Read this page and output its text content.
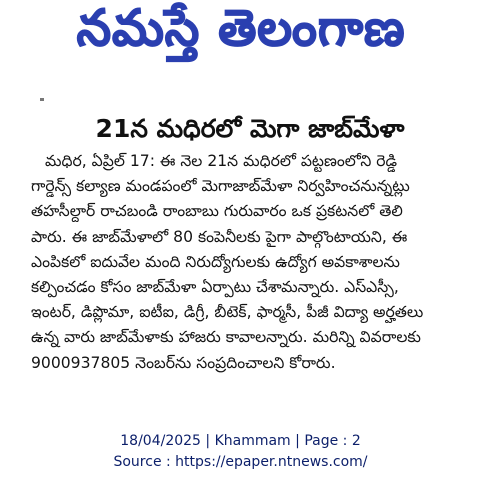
నమస్తే తెలంగాణ
21న మధిరలో మెగా జాబ్‌మేళా
మధిర, ఏప్రిల్ 17: ఈ నెల 21న మధిరలో పట్టణంలోని రెడ్డి
గార్డెన్స్ కల్యాణ మండపంలో మెగాజాబ్‌మేళా నిర్వహించనున్నట్లు
తహసీల్దార్ రాచబండి రాంబాబు గురువారం ఒక ప్రకటనలో తెలి
పారు. ఈ జాబ్‌మేళాలో 80 కంపెనీలకు పైగా పాల్గొంటాయని, ఈ
ఎంపికలో ఐదువేల మంది నిరుద్యోగులకు ఉద్యోగ అవకాశాలను
కల్పించడం కోసం జాబ్‌మేళా ఏర్పాటు చేశామన్నారు. ఎస్ఎస్సీ,
ఇంటర్, డిప్లొమా, ఐటీఐ, డిగ్రీ, బీటెక్, ఫార్మసీ, పీజీ విద్యా అర్హతలు
ఉన్న వారు జాబ్‌మేళాకు హాజరు కావాలన్నారు. మరిన్ని వివరాలకు
9000937805 నెంబర్‌ను సంప్రదించాలని కోరారు.
18/04/2025 | Khammam | Page : 2
Source : https://epaper.ntnews.com/
